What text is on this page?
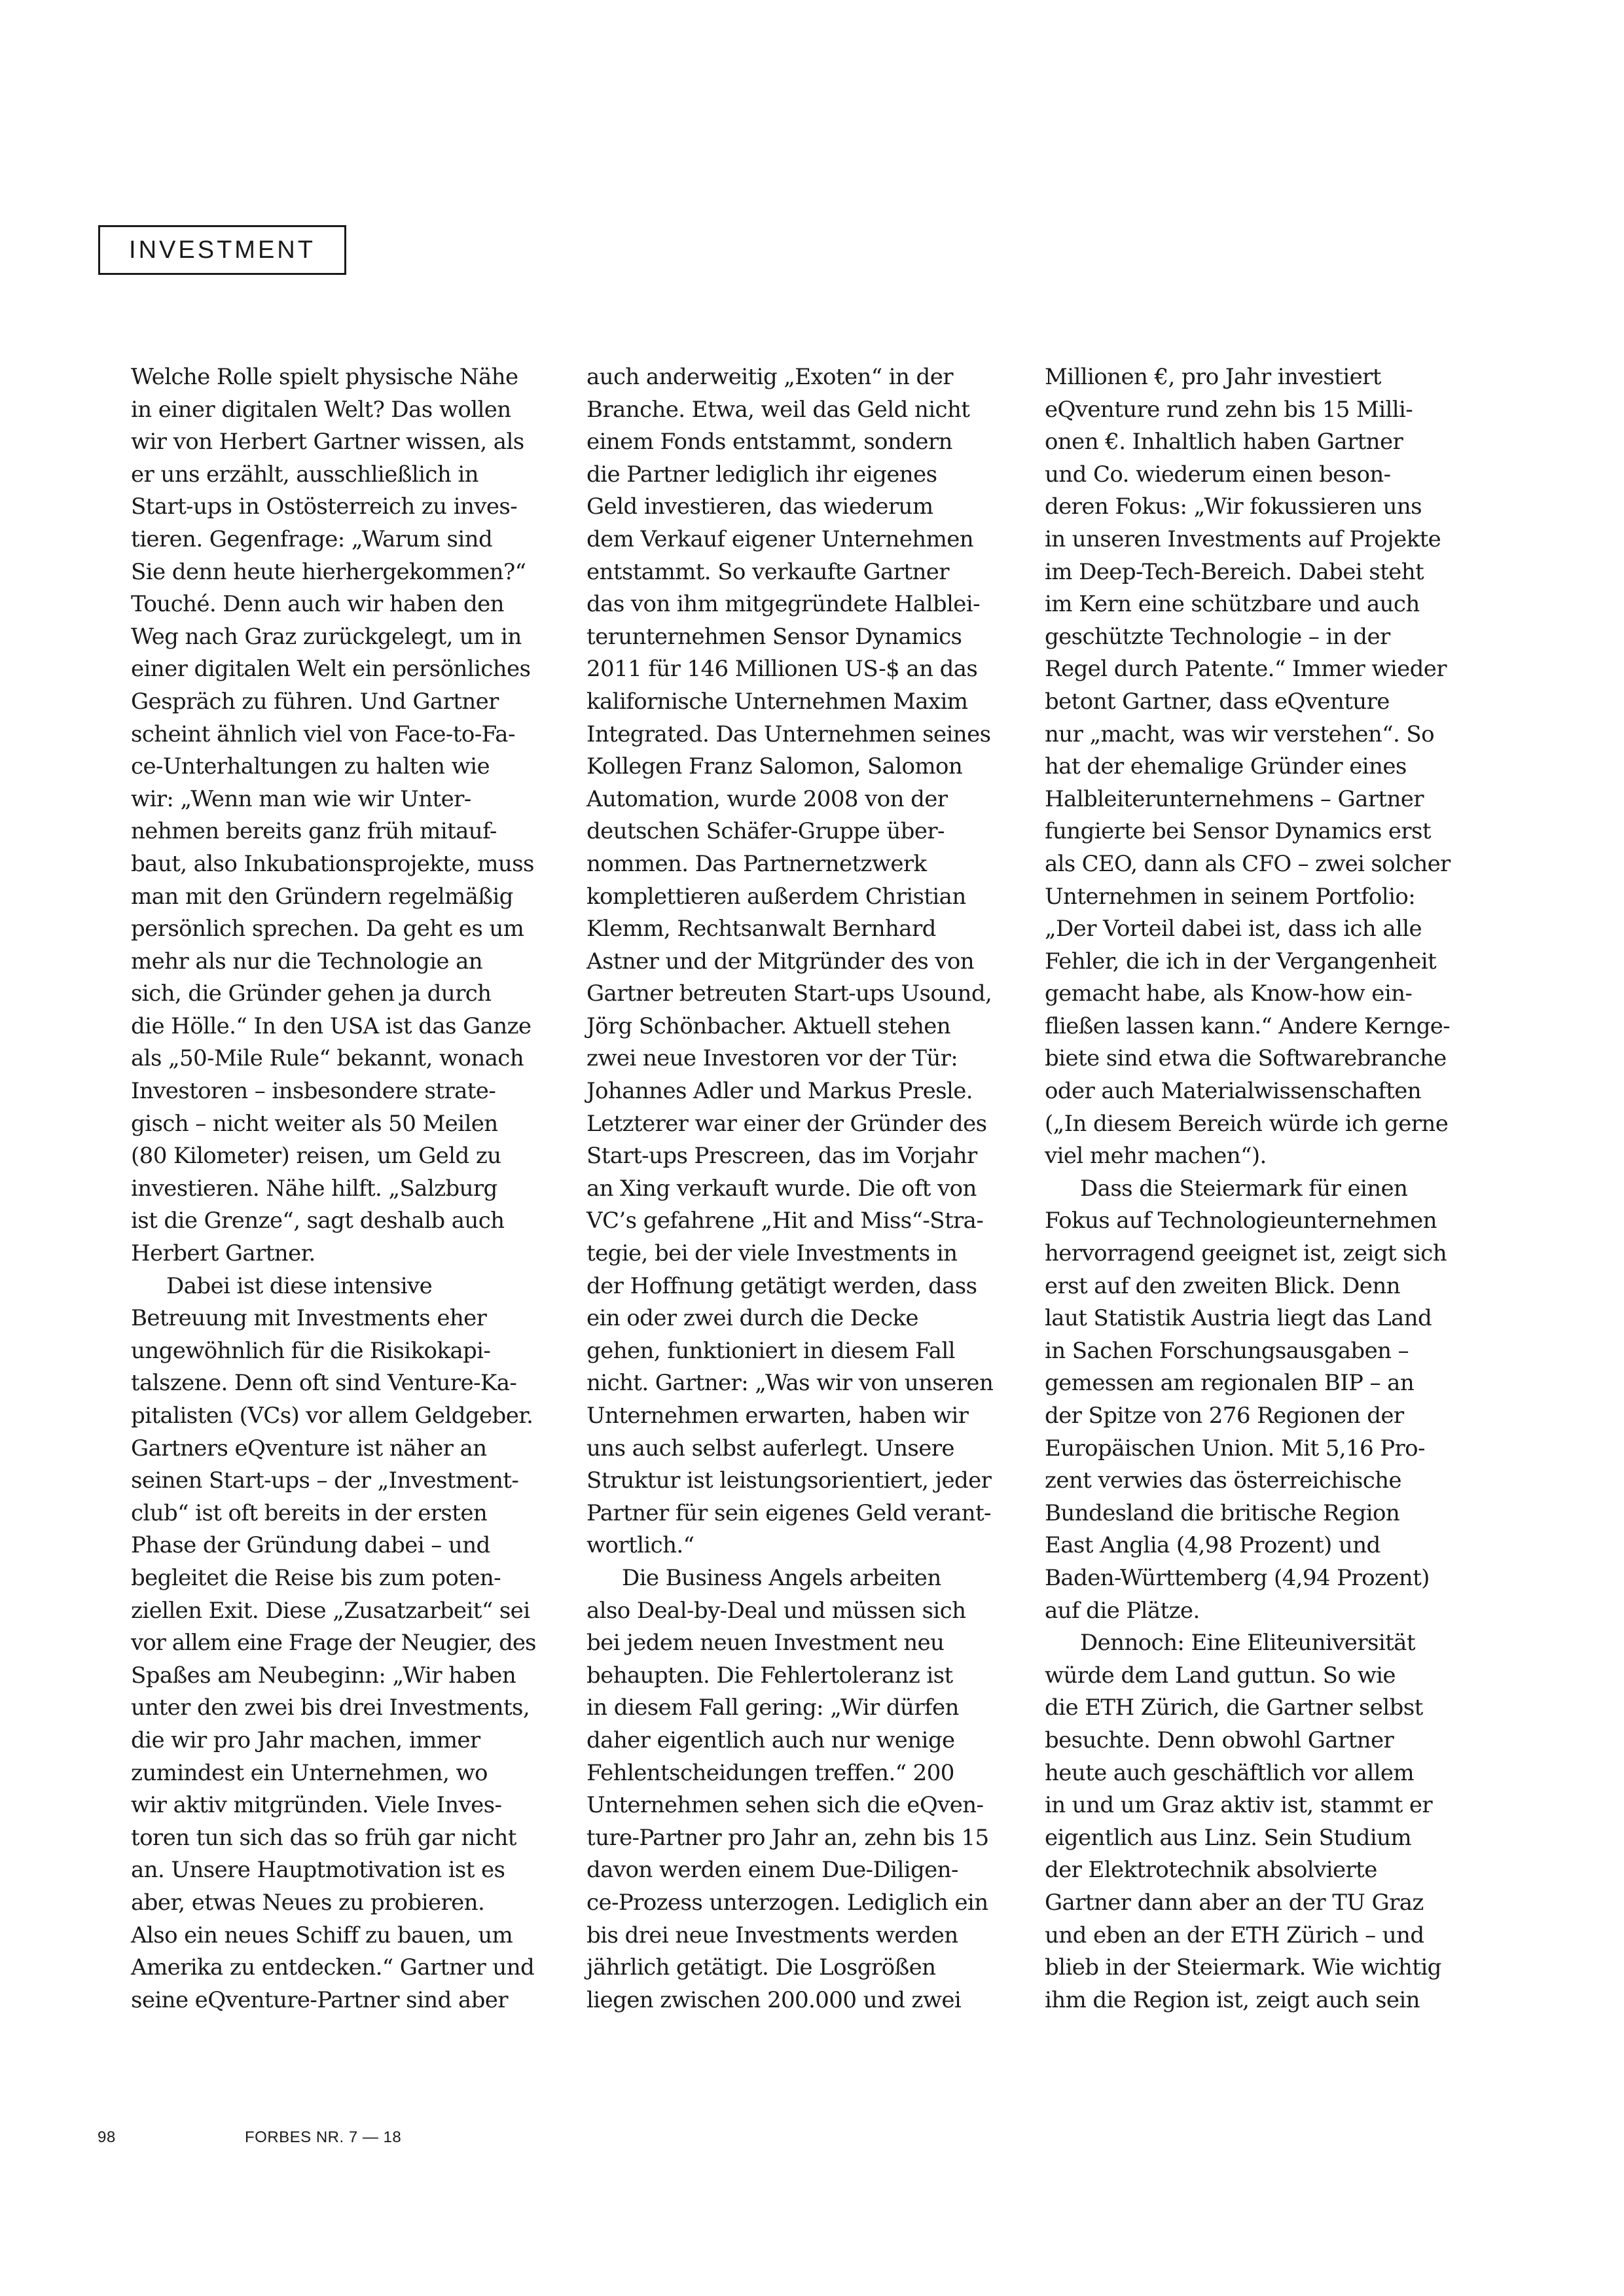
INVESTMENT
Welche Rolle spielt physische Nähe
in einer digitalen Welt? Das wollen
wir von Herbert Gartner wissen, als
er uns erzählt, ausschließlich in
Start-ups in Ostösterreich zu inves-
tieren. Gegenfrage: „Warum sind
Sie denn heute hierhergekommen?“
Touché. Denn auch wir haben den
Weg nach Graz zurückgelegt, um in
einer digitalen Welt ein persönliches
Gespräch zu führen. Und Gartner
scheint ähnlich viel von Face-to-Fa-
ce-Unterhaltungen zu halten wie
wir: „Wenn man wie wir Unter-
nehmen bereits ganz früh mitauf-
baut, also Inkubationsprojekte, muss
man mit den Gründern regelmäßig
persönlich sprechen. Da geht es um
mehr als nur die Technologie an
sich, die Gründer gehen ja durch
die Hölle.“ In den USA ist das Ganze
als „50-Mile Rule“ bekannt, wonach
Investoren – insbesondere strate-
gisch – nicht weiter als 50 Meilen
(80 Kilometer) reisen, um Geld zu
investieren. Nähe hilft. „Salzburg
ist die Grenze“, sagt deshalb auch
Herbert Gartner.
Dabei ist diese intensive
Betreuung mit Investments eher
ungewöhnlich für die Risikokapi-
talszene. Denn oft sind Venture-Ka-
pitalisten (VCs) vor allem Geldgeber.
Gartners eQventure ist näher an
seinen Start-ups – der „Investment-
club“ ist oft bereits in der ersten
Phase der Gründung dabei – und
begleitet die Reise bis zum poten-
ziellen Exit. Diese „Zusatzarbeit“ sei
vor allem eine Frage der Neugier, des
Spaßes am Neubeginn: „Wir haben
unter den zwei bis drei Investments,
die wir pro Jahr machen, immer
zumindest ein Unternehmen, wo
wir aktiv mitgründen. Viele Inves-
toren tun sich das so früh gar nicht
an. Unsere Hauptmotivation ist es
aber, etwas Neues zu probieren.
Also ein neues Schiff zu bauen, um
Amerika zu entdecken.“ Gartner und
seine eQventure-Partner sind aber
auch anderweitig „Exoten“ in der
Branche. Etwa, weil das Geld nicht
einem Fonds entstammt, sondern
die Partner lediglich ihr eigenes
Geld investieren, das wiederum
dem Verkauf eigener Unternehmen
entstammt. So verkaufte Gartner
das von ihm mitgegründete Halblei-
terunternehmen Sensor Dynamics
2011 für 146 Millionen US-$ an das
kalifornische Unternehmen Maxim
Integrated. Das Unternehmen seines
Kollegen Franz Salomon, Salomon
Automation, wurde 2008 von der
deutschen Schäfer-Gruppe über-
nommen. Das Partnernetzwerk
komplettieren außerdem Christian
Klemm, Rechtsanwalt Bernhard
Astner und der Mitgründer des von
Gartner betreuten Start-ups Usound,
Jörg Schönbacher. Aktuell stehen
zwei neue Investoren vor der Tür:
Johannes Adler und Markus Presle.
Letzterer war einer der Gründer des
Start-ups Prescreen, das im Vorjahr
an Xing verkauft wurde. Die oft von
VC’s gefahrene „Hit and Miss“-Stra-
tegie, bei der viele Investments in
der Hoffnung getätigt werden, dass
ein oder zwei durch die Decke
gehen, funktioniert in diesem Fall
nicht. Gartner: „Was wir von unseren
Unternehmen erwarten, haben wir
uns auch selbst auferlegt. Unsere
Struktur ist leistungsorientiert, jeder
Partner für sein eigenes Geld verant-
wortlich.“
Die Business Angels arbeiten
also Deal-by-Deal und müssen sich
bei jedem neuen Investment neu
behaupten. Die Fehlertoleranz ist
in diesem Fall gering: „Wir dürfen
daher eigentlich auch nur wenige
Fehlentscheidungen treffen.“ 200
Unternehmen sehen sich die eQven-
ture-Partner pro Jahr an, zehn bis 15
davon werden einem Due-Diligen-
ce-Prozess unterzogen. Lediglich ein
bis drei neue Investments werden
jährlich getätigt. Die Losgrößen
liegen zwischen 200.000 und zwei
Millionen €, pro Jahr investiert
eQventure rund zehn bis 15 Milli-
onen €. Inhaltlich haben Gartner
und Co. wiederum einen beson-
deren Fokus: „Wir fokussieren uns
in unseren Investments auf Projekte
im Deep-Tech-Bereich. Dabei steht
im Kern eine schützbare und auch
geschützte Technologie – in der
Regel durch Patente.“ Immer wieder
betont Gartner, dass eQventure
nur „macht, was wir verstehen“. So
hat der ehemalige Gründer eines
Halbleiterunternehmens – Gartner
fungierte bei Sensor Dynamics erst
als CEO, dann als CFO – zwei solcher
Unternehmen in seinem Portfolio:
„Der Vorteil dabei ist, dass ich alle
Fehler, die ich in der Vergangenheit
gemacht habe, als Know-how ein-
fließen lassen kann.“ Andere Kernge-
biete sind etwa die Softwarebranche
oder auch Materialwissenschaften
(„In diesem Bereich würde ich gerne
viel mehr machen“).
Dass die Steiermark für einen
Fokus auf Technologieunternehmen
hervorragend geeignet ist, zeigt sich
erst auf den zweiten Blick. Denn
laut Statistik Austria liegt das Land
in Sachen Forschungsausgaben –
gemessen am regionalen BIP – an
der Spitze von 276 Regionen der
Europäischen Union. Mit 5,16 Pro-
zent verwies das österreichische
Bundesland die britische Region
East Anglia (4,98 Prozent) und
Baden-Württemberg (4,94 Prozent)
auf die Plätze.
Dennoch: Eine Eliteuniversität
würde dem Land guttun. So wie
die ETH Zürich, die Gartner selbst
besuchte. Denn obwohl Gartner
heute auch geschäftlich vor allem
in und um Graz aktiv ist, stammt er
eigentlich aus Linz. Sein Studium
der Elektrotechnik absolvierte
Gartner dann aber an der TU Graz
und eben an der ETH Zürich – und
blieb in der Steiermark. Wie wichtig
ihm die Region ist, zeigt auch sein
98	FORBES NR. 7 — 18
